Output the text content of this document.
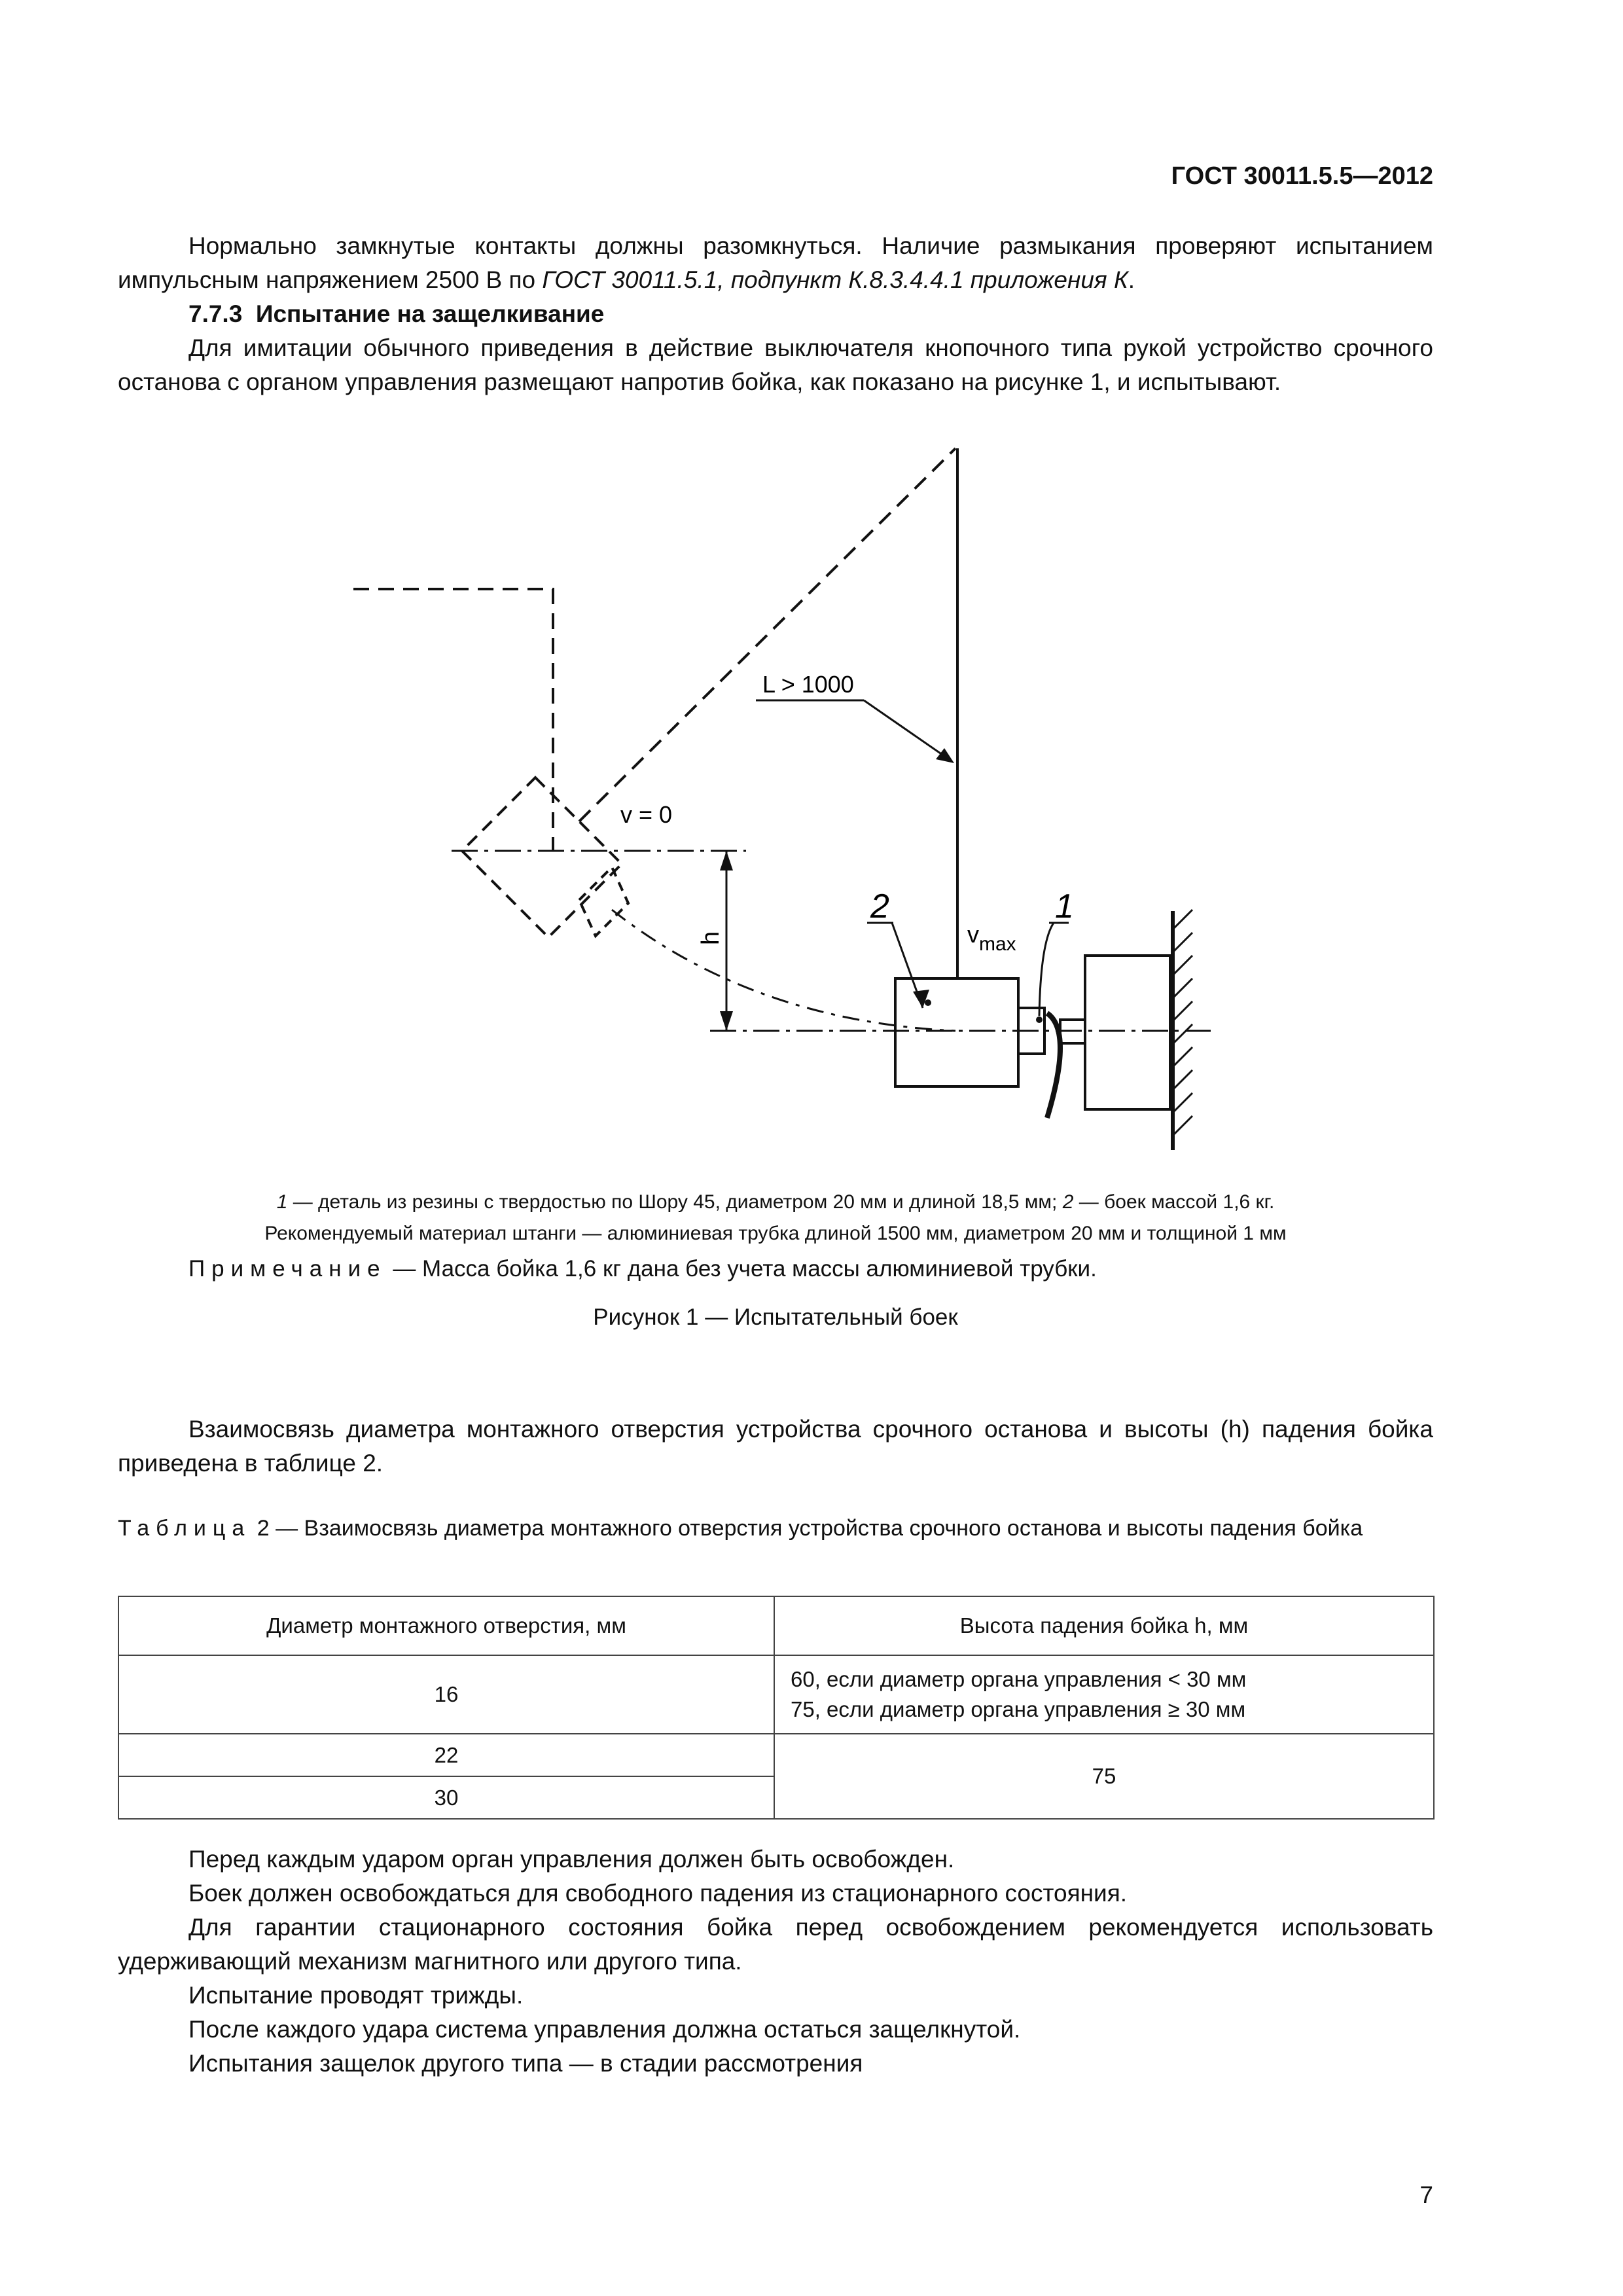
ГОСТ 30011.5.5—2012
Нормально замкнутые контакты должны разомкнуться. Наличие размыкания проверяют испытанием импульсным напряжением 2500 В по ГОСТ 30011.5.1, подпункт К.8.3.4.4.1 приложения К.
7.7.3 Испытание на защелкивание
Для имитации обычного приведения в действие выключателя кнопочного типа рукой устройство срочного останова с органом управления размещают напротив бойка, как показано на рисунке 1, и испытывают.
L > 1000
v = 0
h	$v_{max}$
1
2
1 — деталь из резины с твердостью по Шору 45, диаметром 20 мм и длиной 18,5 мм; 2 — боек массой 1,6 кг.
Рекомендуемый материал штанги — алюминиевая трубка длиной 1500 мм, диаметром 20 мм и толщиной 1 мм
Примечание — Масса бойка 1,6 кг дана без учета массы алюминиевой трубки.
Рисунок 1 — Испытательный боек
Взаимосвязь диаметра монтажного отверстия устройства срочного останова и высоты (h) падения бойка приведена в таблице 2.
Таблица 2 — Взаимосвязь диаметра монтажного отверстия устройства срочного останова и высоты падения бойка
Диаметр монтажного отверстия, мм	Высота падения бойка h, мм
16	60, если диаметр органа управления < 30 мм
75, если диаметр органа управления ≥ 30 мм

22	75
30	
Перед каждым ударом орган управления должен быть освобожден.
Боек должен освобождаться для свободного падения из стационарного состояния.
Для гарантии стационарного состояния бойка перед освобождением рекомендуется использовать удерживающий механизм магнитного или другого типа.
Испытание проводят трижды.
После каждого удара система управления должна остаться защелкнутой.
Испытания защелок другого типа — в стадии рассмотрения
7
